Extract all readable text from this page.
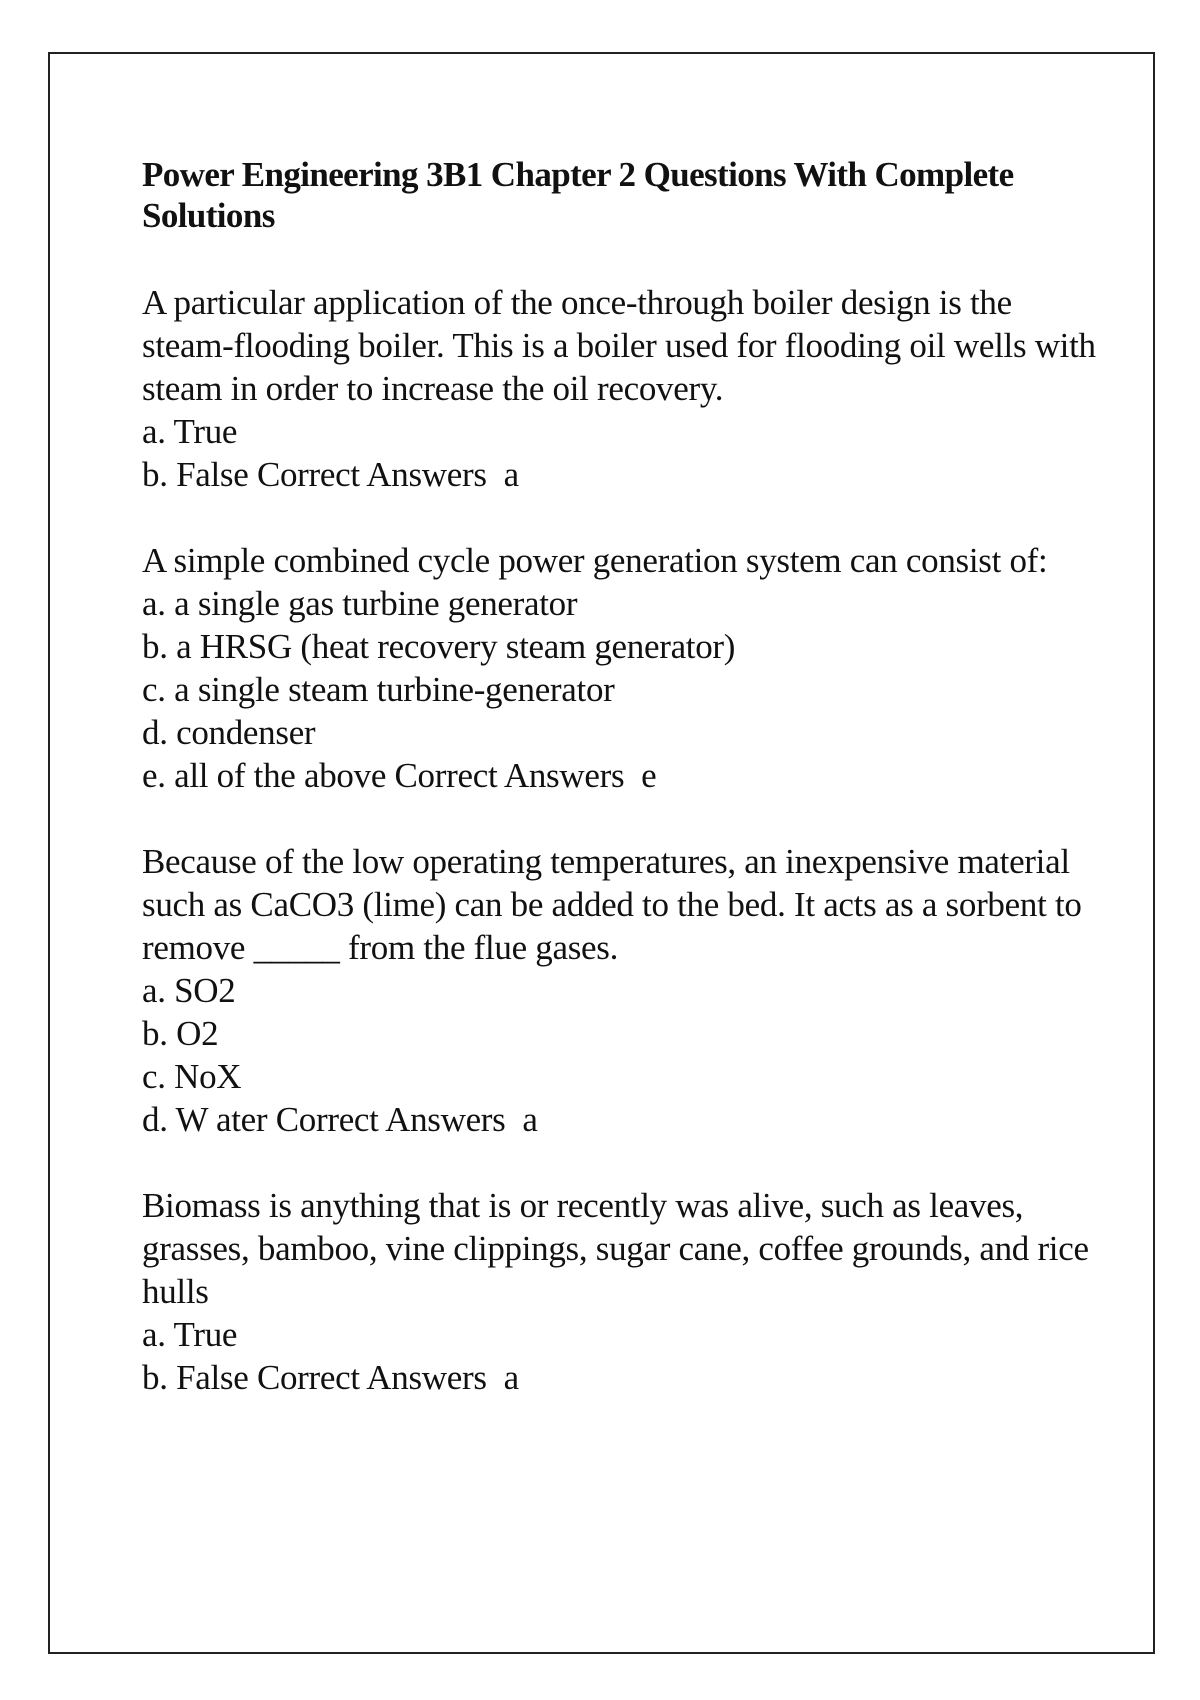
Power Engineering 3B1 Chapter 2 Questions With Complete
Solutions

A particular application of the once-through boiler design is the steam-flooding boiler. This is a boiler used for flooding oil wells with steam in order to increase the oil recovery.

a. True

b. False Correct Answers  a

A simple combined cycle power generation system can consist of:

a. a single gas turbine generator

b. a HRSG (heat recovery steam generator)

c. a single steam turbine-generator

d. condenser

e. all of the above Correct Answers  e

Because of the low operating temperatures, an inexpensive material such as CaCO3 (lime) can be added to the bed. It acts as a sorbent to remove _____ from the flue gases.

a. SO2

b. O2

c. NoX

d. W ater Correct Answers  a

Biomass is anything that is or recently was alive, such as leaves, grasses, bamboo, vine clippings, sugar cane, coffee grounds, and rice hulls

a. True

b. False Correct Answers  a
